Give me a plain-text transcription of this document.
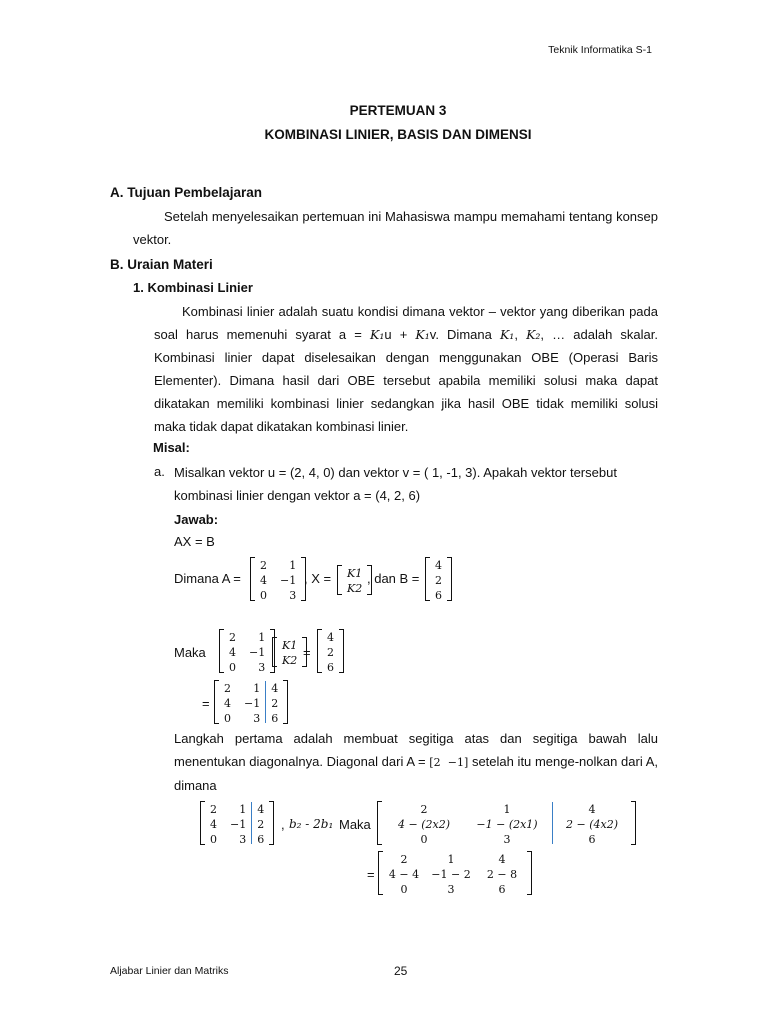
Teknik Informatika S-1
PERTEMUAN 3
KOMBINASI LINIER, BASIS DAN DIMENSI
A. Tujuan Pembelajaran
Setelah menyelesaikan pertemuan ini Mahasiswa mampu memahami tentang konsep vektor.
B. Uraian Materi
1. Kombinasi Linier
Kombinasi linier adalah suatu kondisi dimana vektor – vektor yang diberikan pada soal harus memenuhi syarat a = K₁u + K₁v. Dimana K₁, K₂, … adalah skalar. Kombinasi linier dapat diselesaikan dengan menggunakan OBE (Operasi Baris Elementer). Dimana hasil dari OBE tersebut apabila memiliki solusi maka dapat dikatakan memiliki kombinasi linier sedangkan jika hasil OBE tidak memiliki solusi maka tidak dapat dikatakan kombinasi linier.
Misal:
a. Misalkan vektor u = (2, 4, 0) dan vektor v = ( 1, -1, 3). Apakah vektor tersebut kombinasi linier dengan vektor a = (4, 2, 6)
Jawab:
AX = B
Dimana A =
2
4
0
1
−1
3
, X = K1
K2
, dan B =
4
2
6
Maka
2
4
0
1
−1
3
K1
K2
=
4
2
6
=
2
4
0
1
−1
3
4
2
6
Langkah pertama adalah membuat segitiga atas dan segitiga bawah lalu menentukan diagonalnya. Diagonal dari A = [2 −1] setelah itu menge-nolkan dari A, dimana
2
4
0
1
−1
3
4
2
6
, b₂ - 2b₁ Maka
2
4 − (2x2)
0
1
−1 − (2x1)
3
4
2 − (4x2)
6
=
2
4 − 4
0
1
−1 − 2
3
4
2 − 8
6
Aljabar Linier dan Matriks	25
